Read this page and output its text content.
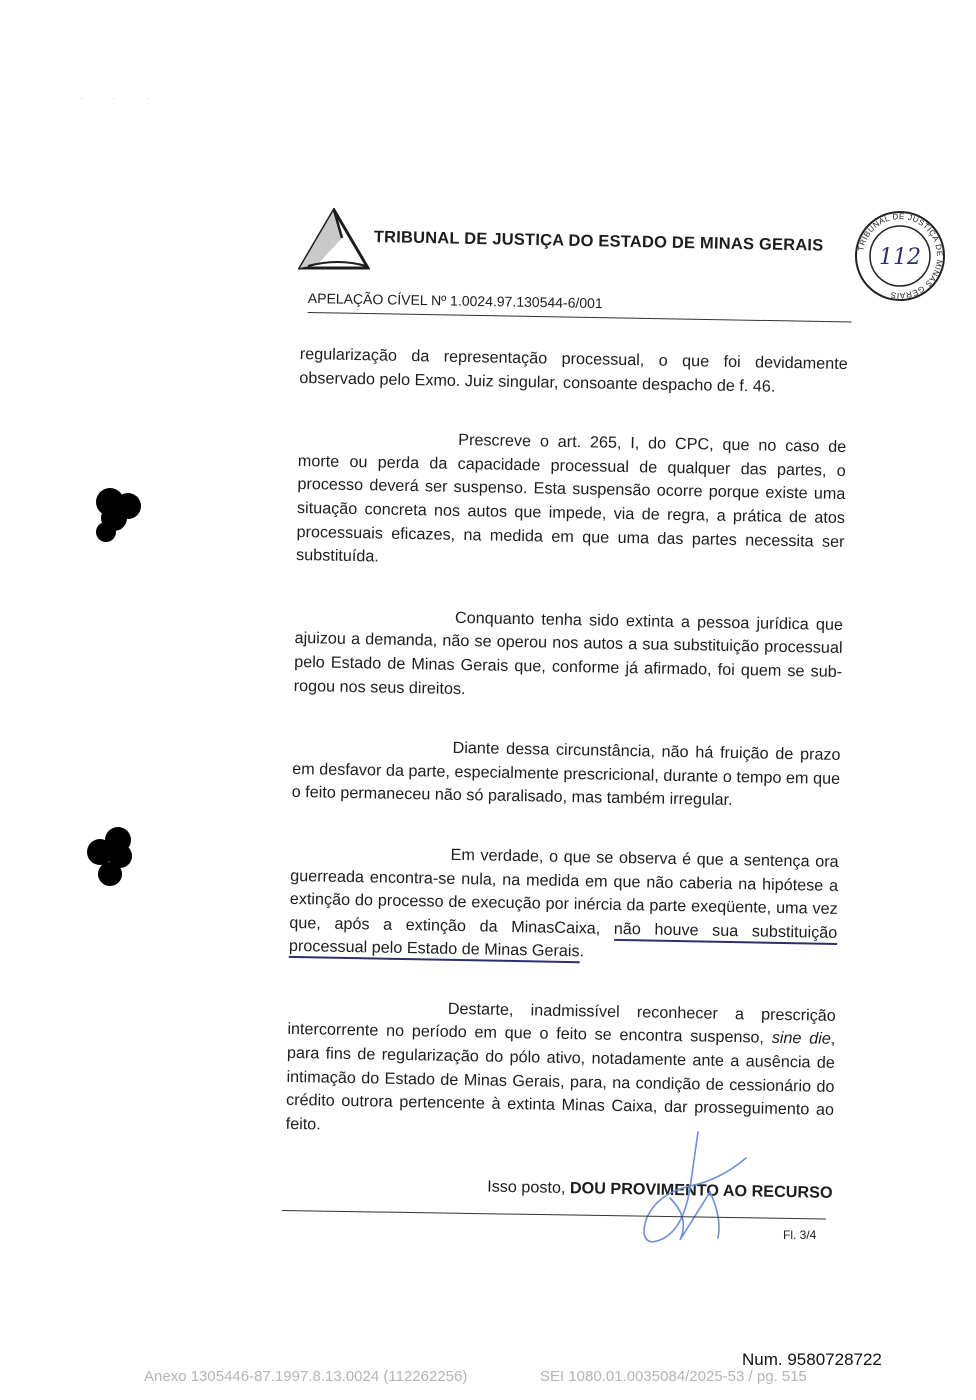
· · ·
TRIBUNAL DE JUSTIÇA DO ESTADO DE MINAS GERAIS	TRIBUNAL DE JUSTIÇA DE MINAS GERAIS
112
APELAÇÃO CÍVEL Nº 1.0024.97.130544-6/001

regularização da representação processual, o que foi devidamente observado pelo Exmo. Juiz singular, consoante despacho de f. 46.

Prescreve o art. 265, I, do CPC, que no caso de morte ou perda da capacidade processual de qualquer das partes, o processo deverá ser suspenso. Esta suspensão ocorre porque existe uma situação concreta nos autos que impede, via de regra, a prática de atos processuais eficazes, na medida em que uma das partes necessita ser substituída.

Conquanto tenha sido extinta a pessoa jurídica que ajuizou a demanda, não se operou nos autos a sua substituição processual pelo Estado de Minas Gerais que, conforme já afirmado, foi quem se sub-rogou nos seus direitos.

Diante dessa circunstância, não há fruição de prazo em desfavor da parte, especialmente prescricional, durante o tempo em que o feito permaneceu não só paralisado, mas também irregular.

Em verdade, o que se observa é que a sentença ora guerreada encontra-se nula, na medida em que não caberia na hipótese a extinção do processo de execução por inércia da parte exeqüente, uma vez que, após a extinção da MinasCaixa, não houve sua substituição processual pelo Estado de Minas Gerais.

Destarte, inadmissível reconhecer a prescrição intercorrente no período em que o feito se encontra suspenso, sine die, para fins de regularização do pólo ativo, notadamente ante a ausência de intimação do Estado de Minas Gerais, para, na condição de cessionário do crédito outrora pertencente à extinta Minas Caixa, dar prosseguimento ao feito.

Isso posto, DOU PROVIMENTO AO RECURSO

Fl. 3/4
Num. 9580728722
Anexo 1305446-87.1997.8.13.0024 (112262256)	SEI 1080.01.0035084/2025-53 / pg. 515
